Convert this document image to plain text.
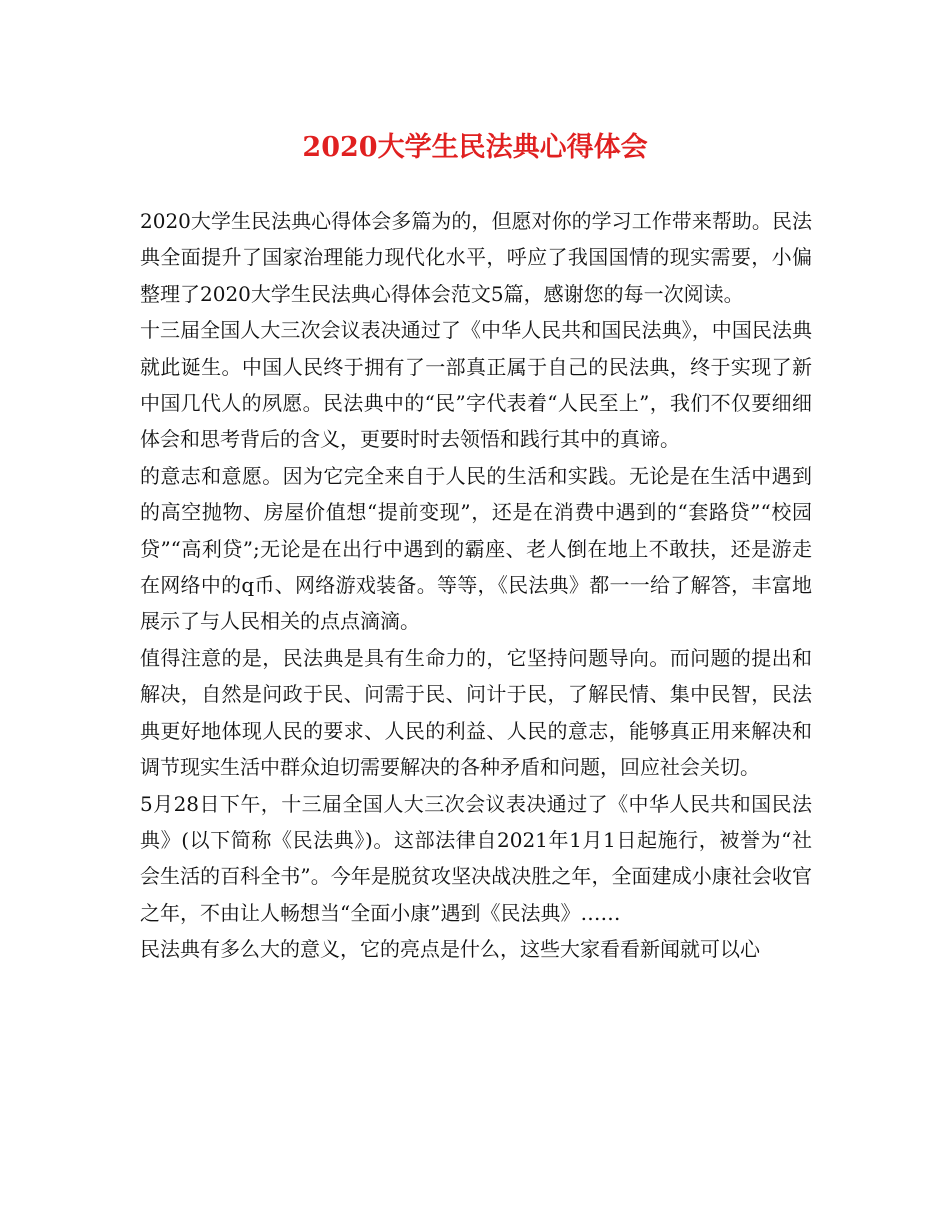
2020大学生民法典心得体会

2020大学生民法典心得体会多篇为的，但愿对你的学习工作带来帮助。民法典全面提升了国家治理能力现代化水平，呼应了我国国情的现实需要，小偏整理了2020大学生民法典心得体会范文5篇，感谢您的每一次阅读。

十三届全国人大三次会议表决通过了《中华人民共和国民法典》，中国民法典就此诞生。中国人民终于拥有了一部真正属于自己的民法典，终于实现了新中国几代人的夙愿。民法典中的“民”字代表着“人民至上”，我们不仅要细细体会和思考背后的含义，更要时时去领悟和践行其中的真谛。

的意志和意愿。因为它完全来自于人民的生活和实践。无论是在生活中遇到的高空抛物、房屋价值想“提前变现”，还是在消费中遇到的“套路贷”“校园贷”“高利贷”;无论是在出行中遇到的霸座、老人倒在地上不敢扶，还是游走在网络中的q币、网络游戏装备。等等，《民法典》都一一给了解答，丰富地展示了与人民相关的点点滴滴。

值得注意的是，民法典是具有生命力的，它坚持问题导向。而问题的提出和解决，自然是问政于民、问需于民、问计于民，了解民情、集中民智，民法典更好地体现人民的要求、人民的利益、人民的意志，能够真正用来解决和调节现实生活中群众迫切需要解决的各种矛盾和问题，回应社会关切。

5月28日下午，十三届全国人大三次会议表决通过了《中华人民共和国民法典》(以下简称《民法典》)。这部法律自2021年1月1日起施行，被誉为“社会生活的百科全书”。今年是脱贫攻坚决战决胜之年，全面建成小康社会收官之年，不由让人畅想当“全面小康”遇到《民法典》……

民法典有多么大的意义，它的亮点是什么，这些大家看看新闻就可以心
